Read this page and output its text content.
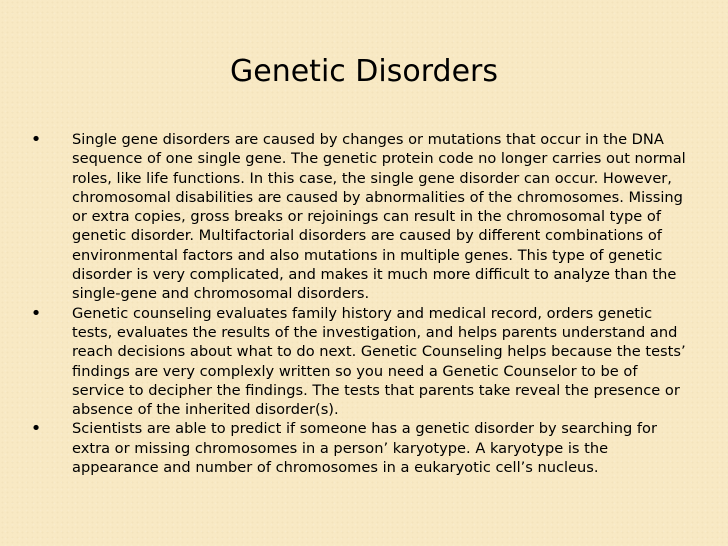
Genetic Disorders
• Single gene disorders are caused by changes or mutations that occur in the DNA sequence of one single gene. The genetic protein code no longer carries out normal roles, like life functions. In this case, the single gene disorder can occur. However, chromosomal disabilities are caused by abnormalities of the chromosomes. Missing or extra copies, gross breaks or rejoinings can result in the chromosomal type of genetic disorder. Multifactorial disorders are caused by different combinations of environmental factors and also mutations in multiple genes. This type of genetic disorder is very complicated, and makes it much more difficult to analyze than the single-gene and chromosomal disorders.
• Genetic counseling evaluates family history and medical record, orders genetic tests, evaluates the results of the investigation, and helps parents understand and reach decisions about what to do next. Genetic Counseling helps because the tests’ findings are very complexly written so you need a Genetic Counselor to be of service to decipher the findings. The tests that parents take reveal the presence or absence of the inherited disorder(s).
• Scientists are able to predict if someone has a genetic disorder by searching for extra or missing chromosomes in a person’ karyotype. A karyotype is the appearance and number of chromosomes in a eukaryotic cell’s nucleus.
